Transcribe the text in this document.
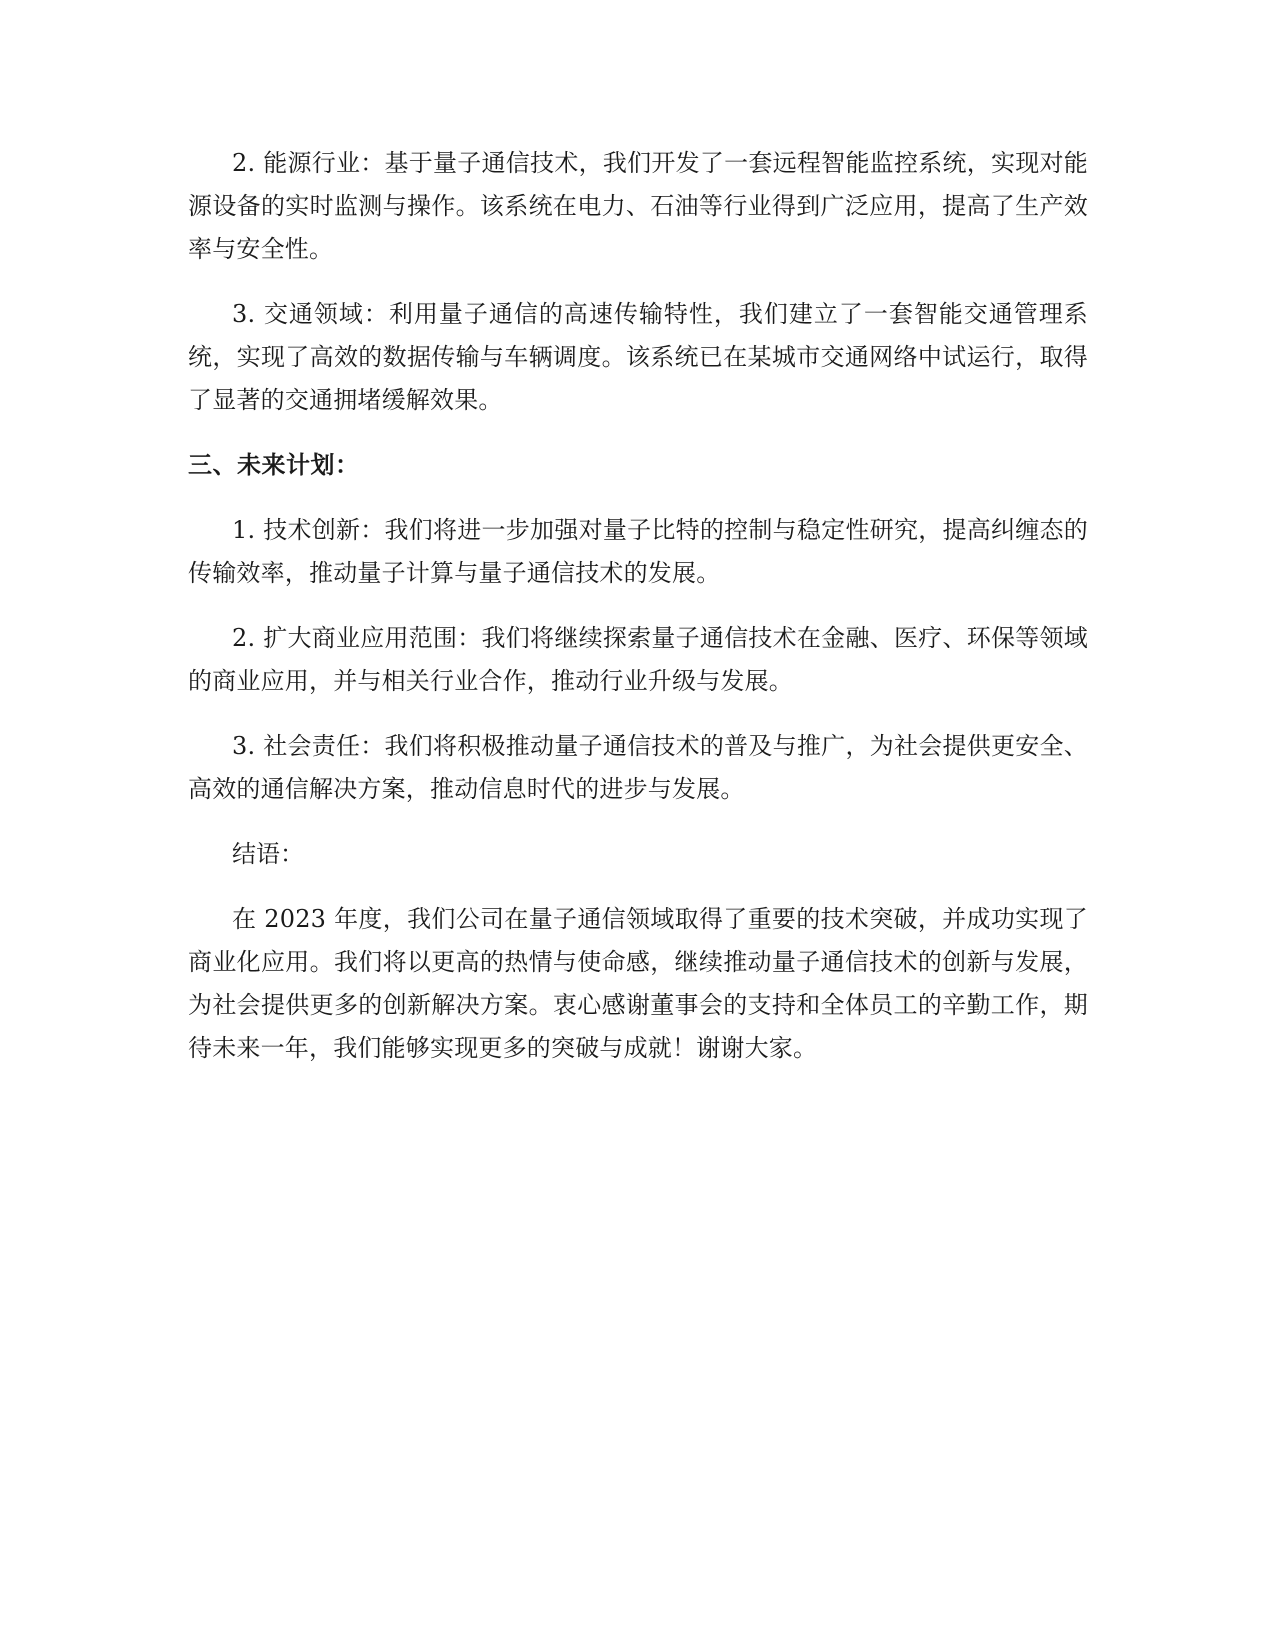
2. 能源行业：基于量子通信技术，我们开发了一套远程智能监控系统，实现对能源设备的实时监测与操作。该系统在电力、石油等行业得到广泛应用，提高了生产效率与安全性。

3. 交通领域：利用量子通信的高速传输特性，我们建立了一套智能交通管理系统，实现了高效的数据传输与车辆调度。该系统已在某城市交通网络中试运行，取得了显著的交通拥堵缓解效果。

三、未来计划：

1. 技术创新：我们将进一步加强对量子比特的控制与稳定性研究，提高纠缠态的传输效率，推动量子计算与量子通信技术的发展。

2. 扩大商业应用范围：我们将继续探索量子通信技术在金融、医疗、环保等领域的商业应用，并与相关行业合作，推动行业升级与发展。

3. 社会责任：我们将积极推动量子通信技术的普及与推广，为社会提供更安全、高效的通信解决方案，推动信息时代的进步与发展。

结语：

在 2023 年度，我们公司在量子通信领域取得了重要的技术突破，并成功实现了商业化应用。我们将以更高的热情与使命感，继续推动量子通信技术的创新与发展，为社会提供更多的创新解决方案。衷心感谢董事会的支持和全体员工的辛勤工作，期待未来一年，我们能够实现更多的突破与成就！谢谢大家。
